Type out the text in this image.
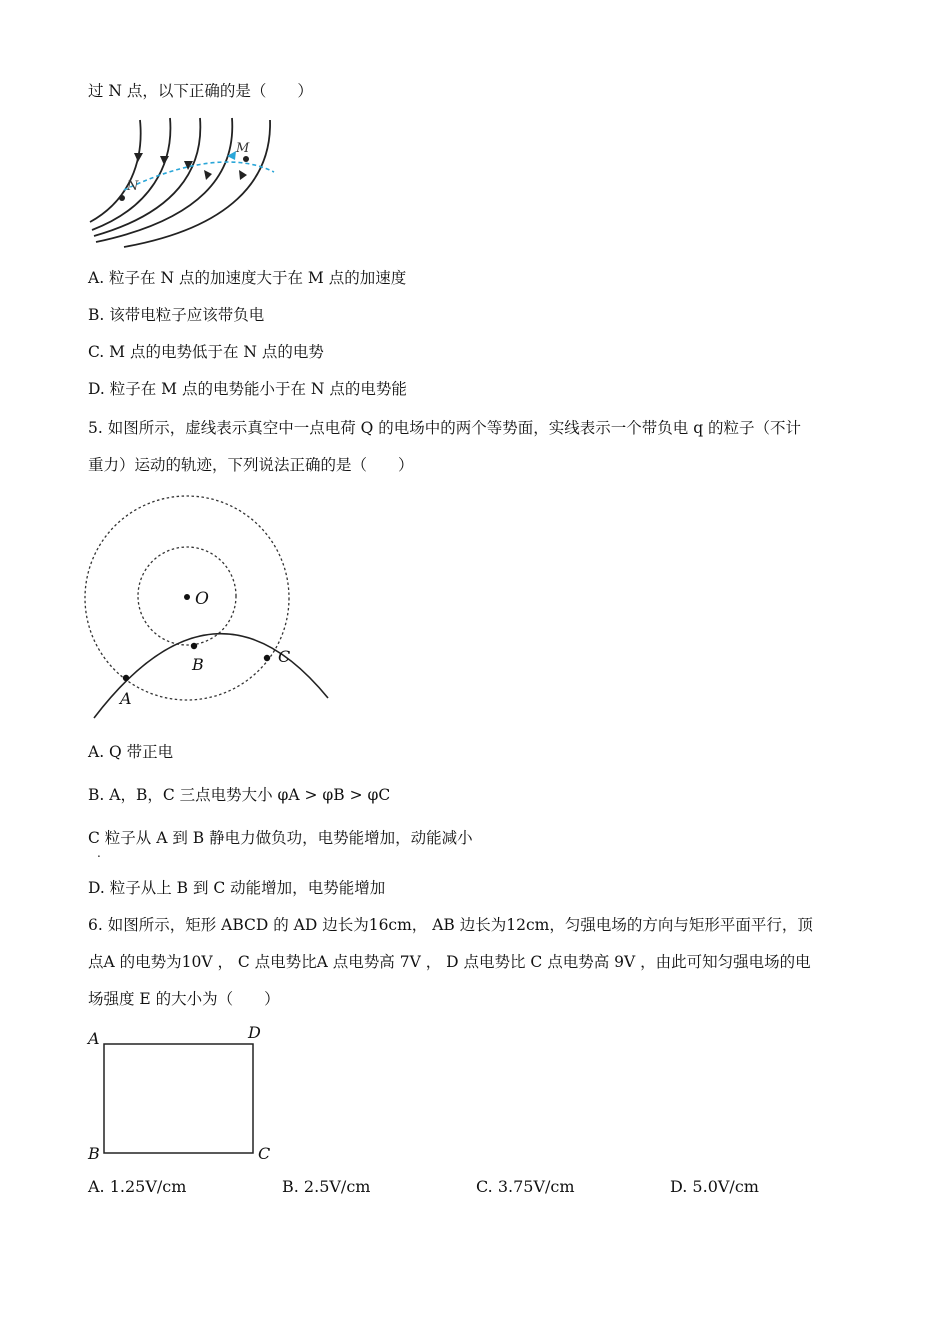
过 N 点，以下正确的是（　　）
M
N
A. 粒子在 N 点的加速度大于在 M 点的加速度
B. 该带电粒子应该带负电
C. M 点的电势低于在 N 点的电势
D. 粒子在 M 点的电势能小于在 N 点的电势能
5. 如图所示，虚线表示真空中一点电荷 Q 的电场中的两个等势面，实线表示一个带负电 q 的粒子（不计
重力）运动的轨迹，下列说法正确的是（　　）
O
A
B	C
A. Q 带正电
B. A，B，C 三点电势大小 φA > φB > φC
C 粒子从 A 到 B 静电力做负功，电势能增加，动能减小
.
D. 粒子从上 B 到 C 动能增加，电势能增加
6. 如图所示，矩形 ABCD 的 AD 边长为16cm， AB 边长为12cm，匀强电场的方向与矩形平面平行，顶
点A 的电势为10V ， C 点电势比A 点电势高 7V ， D 点电势比 C 点电势高 9V ，由此可知匀强电场的电
场强度 E 的大小为（　　）
A	D
B	C
A. 1.25V/cm	B. 2.5V/cm	C. 3.75V/cm	D. 5.0V/cm
